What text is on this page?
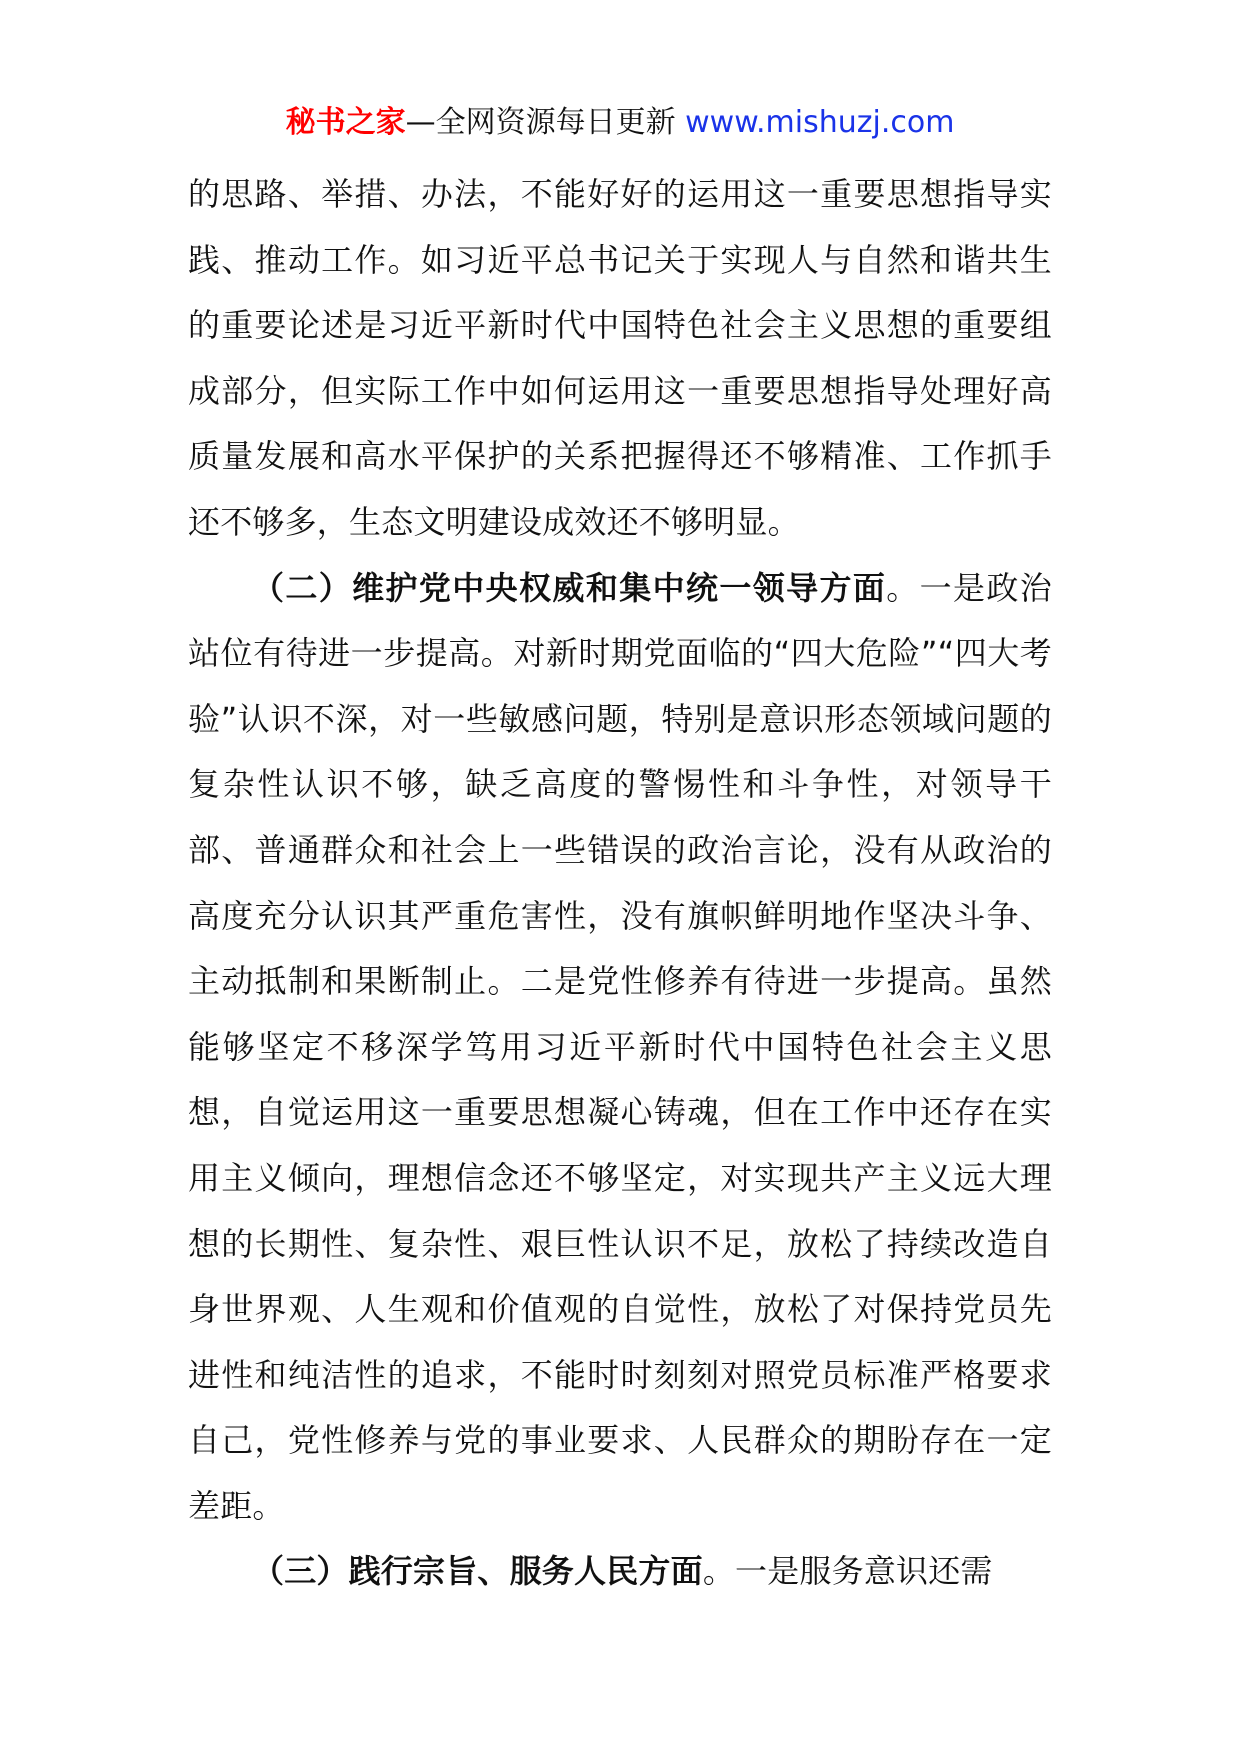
秘书之家—全网资源每日更新 www.mishuzj.com

的思路、举措、办法，不能好好的运用这一重要思想指导实践、推动工作。如习近平总书记关于实现人与自然和谐共生的重要论述是习近平新时代中国特色社会主义思想的重要组成部分，但实际工作中如何运用这一重要思想指导处理好高质量发展和高水平保护的关系把握得还不够精准、工作抓手还不够多，生态文明建设成效还不够明显。

（二）维护党中央权威和集中统一领导方面。一是政治站位有待进一步提高。对新时期党面临的“四大危险”“四大考验”认识不深，对一些敏感问题，特别是意识形态领域问题的复杂性认识不够，缺乏高度的警惕性和斗争性，对领导干部、普通群众和社会上一些错误的政治言论，没有从政治的高度充分认识其严重危害性，没有旗帜鲜明地作坚决斗争、主动抵制和果断制止。二是党性修养有待进一步提高。虽然能够坚定不移深学笃用习近平新时代中国特色社会主义思想，自觉运用这一重要思想凝心铸魂，但在工作中还存在实用主义倾向，理想信念还不够坚定，对实现共产主义远大理想的长期性、复杂性、艰巨性认识不足，放松了持续改造自身世界观、人生观和价值观的自觉性，放松了对保持党员先进性和纯洁性的追求，不能时时刻刻对照党员标准严格要求自己，党性修养与党的事业要求、人民群众的期盼存在一定差距。

（三）践行宗旨、服务人民方面。一是服务意识还需
